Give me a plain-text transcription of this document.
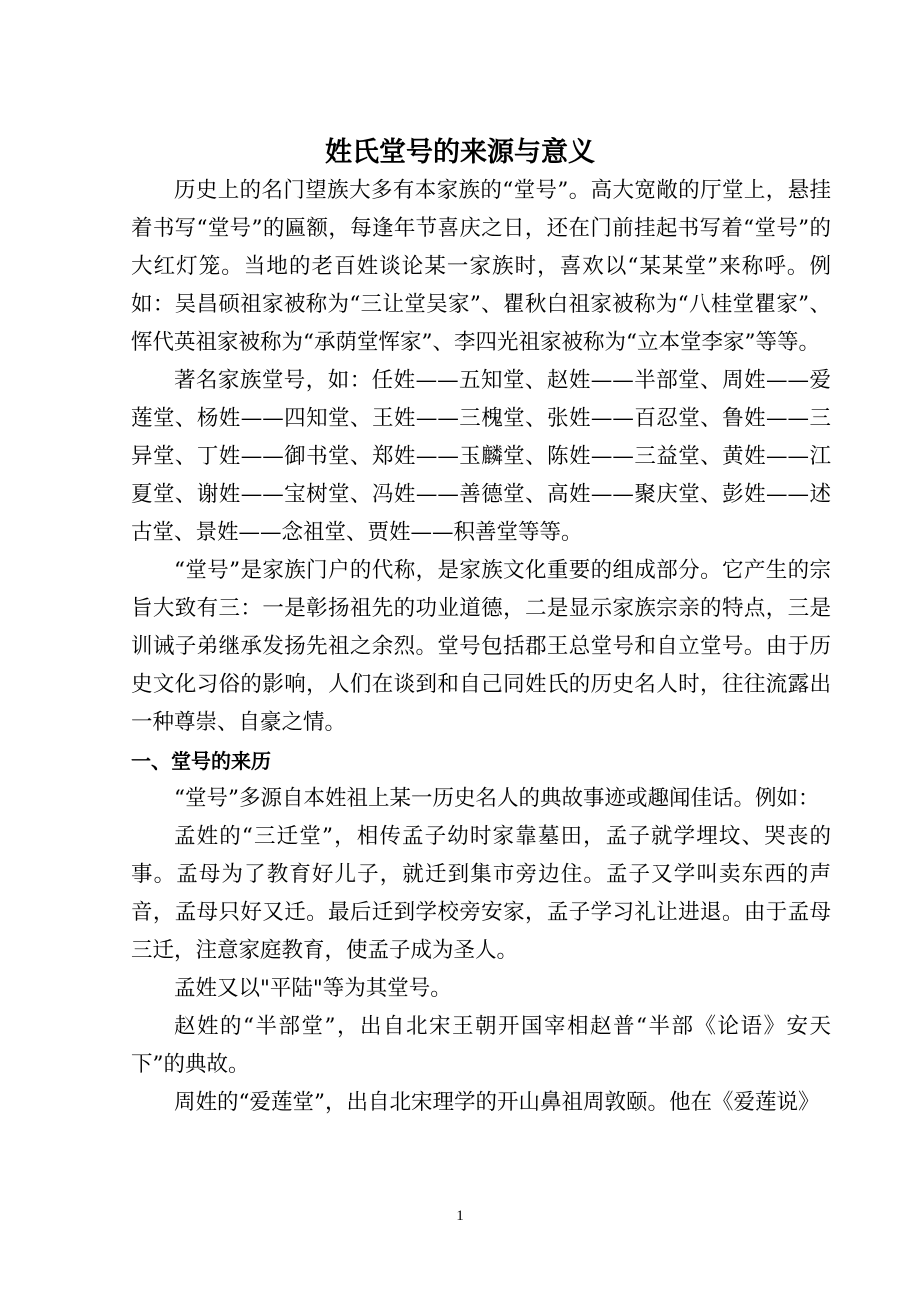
姓氏堂号的来源与意义

历史上的名门望族大多有本家族的“堂号”。高大宽敞的厅堂上，悬挂着书写“堂号”的匾额，每逢年节喜庆之日，还在门前挂起书写着“堂号”的大红灯笼。当地的老百姓谈论某一家族时，喜欢以“某某堂”来称呼。例如：吴昌硕祖家被称为“三让堂吴家”、瞿秋白祖家被称为“八桂堂瞿家”、恽代英祖家被称为“承荫堂恽家”、李四光祖家被称为“立本堂李家”等等。

著名家族堂号，如：任姓——五知堂、赵姓——半部堂、周姓——爱莲堂、杨姓——四知堂、王姓——三槐堂、张姓——百忍堂、鲁姓——三异堂、丁姓——御书堂、郑姓——玉麟堂、陈姓——三益堂、黄姓——江夏堂、谢姓——宝树堂、冯姓——善德堂、高姓——聚庆堂、彭姓——述古堂、景姓——念祖堂、贾姓——积善堂等等。

“堂号”是家族门户的代称，是家族文化重要的组成部分。它产生的宗旨大致有三：一是彰扬祖先的功业道德，二是显示家族宗亲的特点，三是训诫子弟继承发扬先祖之余烈。堂号包括郡王总堂号和自立堂号。由于历史文化习俗的影响，人们在谈到和自己同姓氏的历史名人时，往往流露出一种尊崇、自豪之情。

一、堂号的来历

“堂号”多源自本姓祖上某一历史名人的典故事迹或趣闻佳话。例如：

孟姓的“三迁堂”，相传孟子幼时家靠墓田，孟子就学埋坟、哭丧的事。孟母为了教育好儿子，就迁到集市旁边住。孟子又学叫卖东西的声音，孟母只好又迁。最后迁到学校旁安家，孟子学习礼让进退。由于孟母三迁，注意家庭教育，使孟子成为圣人。

孟姓又以"平陆"等为其堂号。

赵姓的“半部堂”，出自北宋王朝开国宰相赵普“半部《论语》安天下”的典故。

周姓的“爱莲堂”，出自北宋理学的开山鼻祖周敦颐。他在《爱莲说》

1
